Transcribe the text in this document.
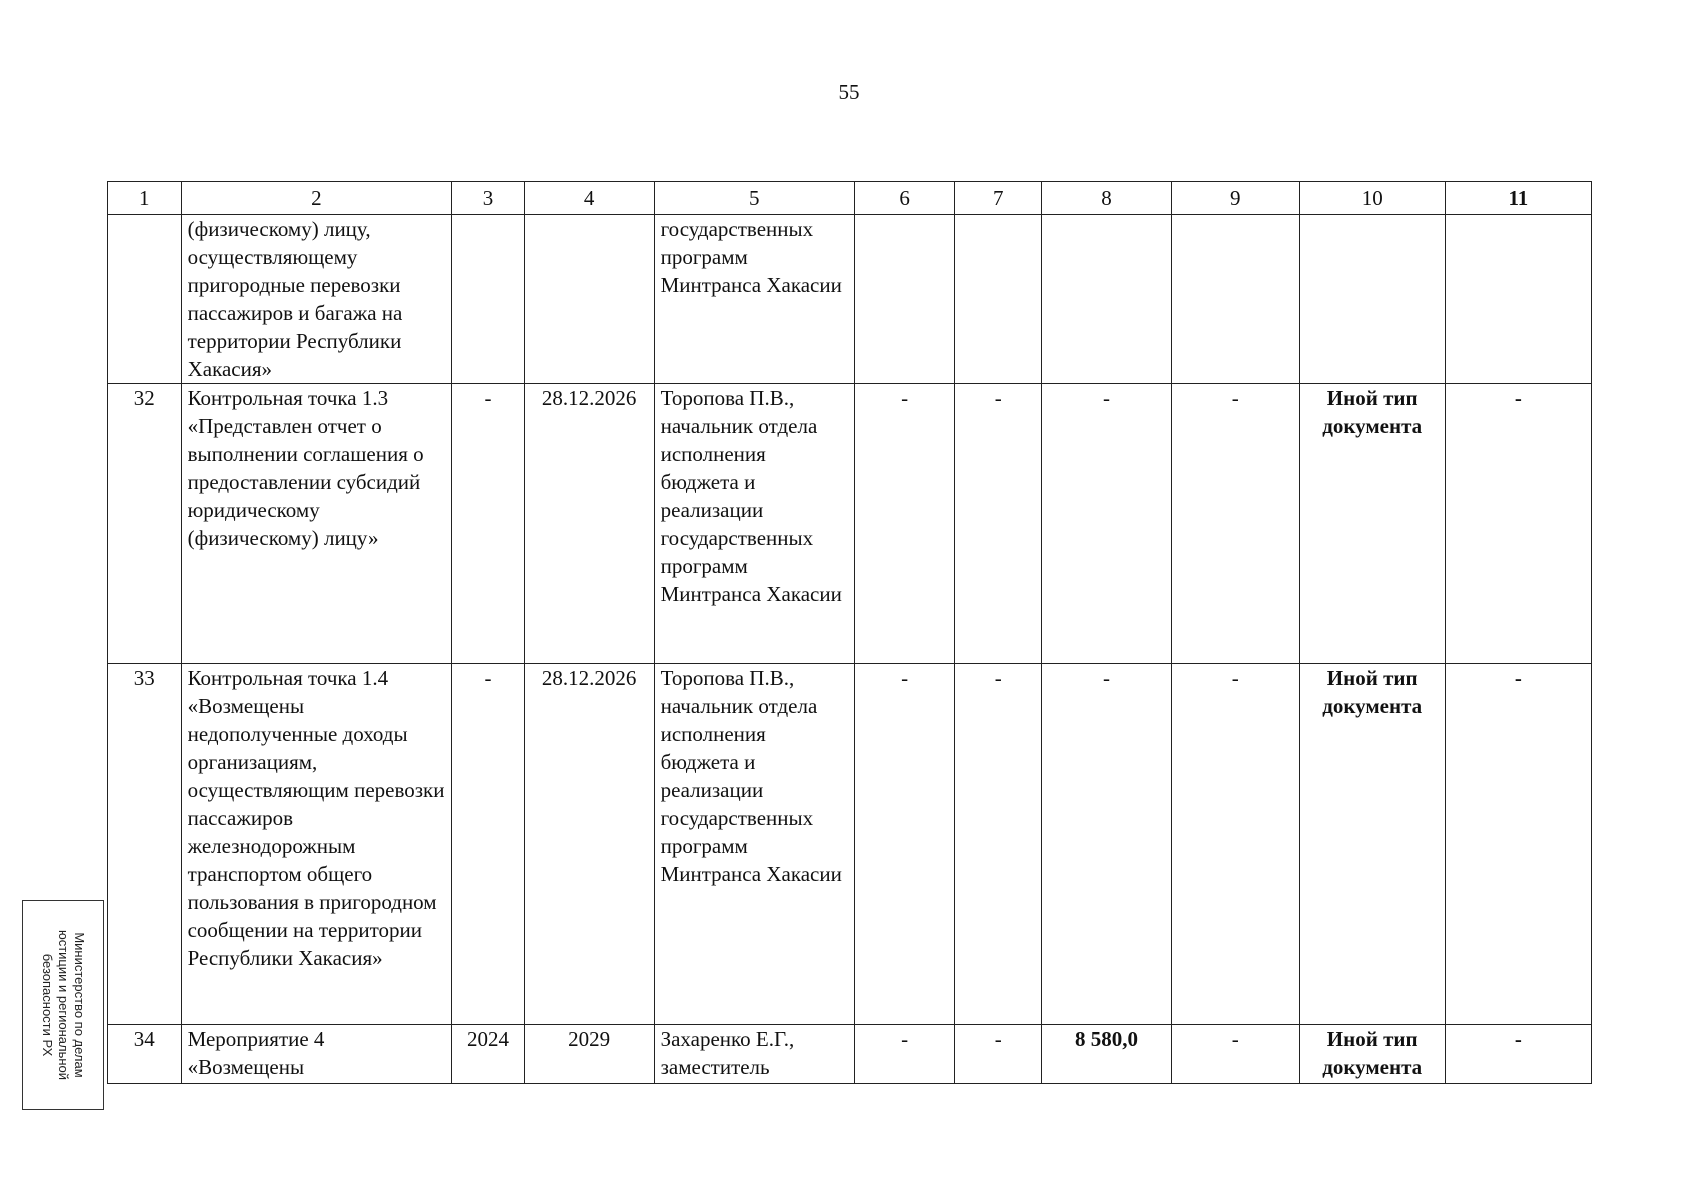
55
1	2	3	4	5	6	7	8	9	10	11
	(физическому) лицу, осуществляющему пригородные перевозки пассажиров и багажа на территории Республики Хакасия»			государственных программ Минтранса Хакасии						
32	Контрольная точка 1.3 «Представлен отчет о выполнении соглашения о предоставлении субсидий юридическому (физическому) лицу»	-	28.12.2026	Торопова П.В., начальник отдела исполнения бюджета и реализации государственных программ Минтранса Хакасии	-	-	-	-	Иной тип документа	-
33	Контрольная точка 1.4 «Возмещены недополученные доходы организациям, осуществляющим перевозки пассажиров железнодорожным транспортом общего пользования в пригородном сообщении на территории Республики Хакасия»	-	28.12.2026	Торопова П.В., начальник отдела исполнения бюджета и реализации государственных программ Минтранса Хакасии	-	-	-	-	Иной тип документа	-
34	Мероприятие 4 «Возмещены	2024	2029	Захаренко Е.Г., заместитель	-	-	8 580,0	-	Иной тип документа	-
Министерство по делам
юстиции и региональной
безопасности РХ
